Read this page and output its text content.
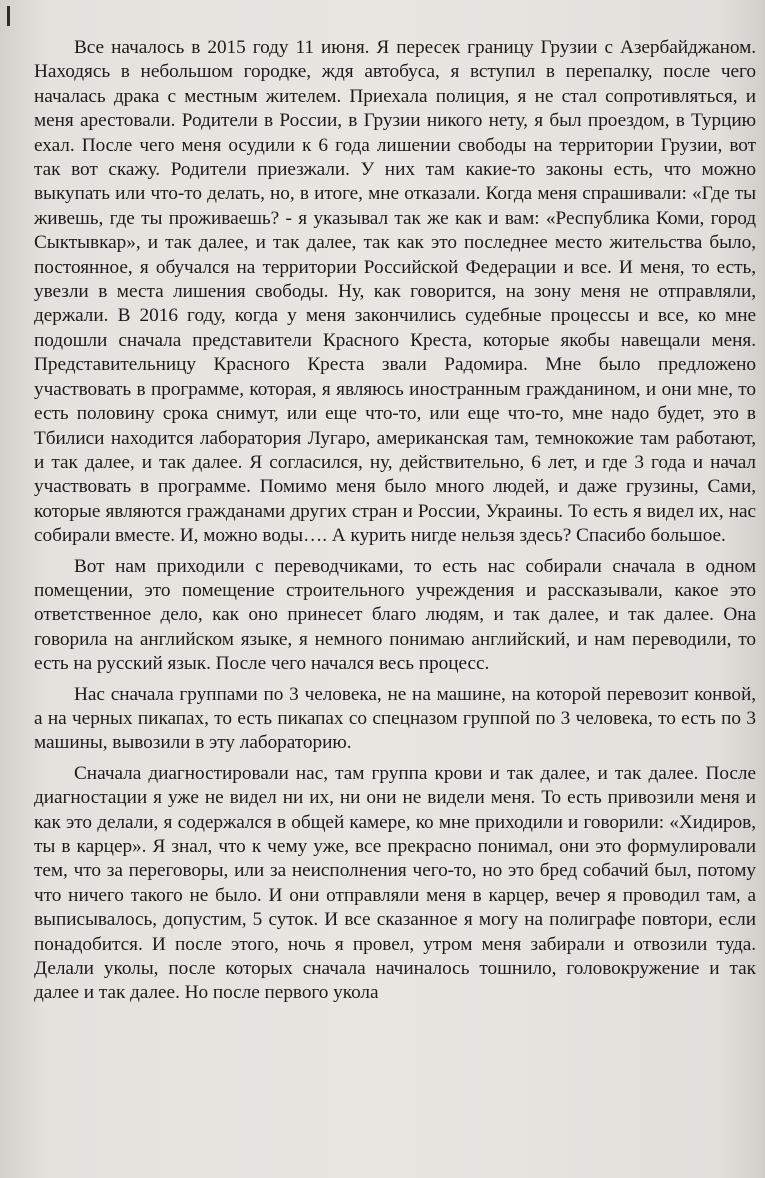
Все началось в 2015 году 11 июня. Я пересек границу Грузии с Азербайджаном. Находясь в небольшом городке, ждя автобуса, я вступил в перепалку, после чего началась драка с местным жителем. Приехала полиция, я не стал сопротивляться, и меня арестовали. Родители в России, в Грузии никого нету, я был проездом, в Турцию ехал. После чего меня осудили к 6 года лишении свободы на территории Грузии, вот так вот скажу. Родители приезжали. У них там какие-то законы есть, что можно выкупать или что-то делать, но, в итоге, мне отказали. Когда меня спрашивали: «Где ты живешь, где ты проживаешь? - я указывал так же как и вам: «Республика Коми, город Сыктывкар», и так далее, и так далее, так как это последнее место жительства было, постоянное, я обучался на территории Российской Федерации и все. И меня, то есть, увезли в места лишения свободы. Ну, как говорится, на зону меня не отправляли, держали. В 2016 году, когда у меня закончились судебные процессы и все, ко мне подошли сначала представители Красного Креста, которые якобы навещали меня. Представительницу Красного Креста звали Радомира. Мне было предложено участвовать в программе, которая, я являюсь иностранным гражданином, и они мне, то есть половину срока снимут, или еще что-то, или еще что-то, мне надо будет, это в Тбилиси находится лаборатория Лугаро, американская там, темнокожие там работают, и так далее, и так далее. Я согласился, ну, действительно, 6 лет, и где 3 года и начал участвовать в программе. Помимо меня было много людей, и даже грузины, Сами, которые являются гражданами других стран и России, Украины. То есть я видел их, нас собирали вместе. И, можно воды…. А курить нигде нельзя здесь? Спасибо большое.

Вот нам приходили с переводчиками, то есть нас собирали сначала в одном помещении, это помещение строительного учреждения и рассказывали, какое это ответственное дело, как оно принесет благо людям, и так далее, и так далее. Она говорила на английском языке, я немного понимаю английский, и нам переводили, то есть на русский язык. После чего начался весь процесс.

Нас сначала группами по 3 человека, не на машине, на которой перевозит конвой, а на черных пикапах, то есть пикапах со спецназом группой по 3 человека, то есть по 3 машины, вывозили в эту лабораторию.

Сначала диагностировали нас, там группа крови и так далее, и так далее. После диагностации я уже не видел ни их, ни они не видели меня. То есть привозили меня и как это делали, я содержался в общей камере, ко мне приходили и говорили: «Хидиров, ты в карцер». Я знал, что к чему уже, все прекрасно понимал, они это формулировали тем, что за переговоры, или за неисполнения чего-то, но это бред собачий был, потому что ничего такого не было. И они отправляли меня в карцер, вечер я проводил там, а выписывалось, допустим, 5 суток. И все сказанное я могу на полиграфе повтори, если понадобится. И после этого, ночь я провел, утром меня забирали и отвозили туда. Делали уколы, после которых сначала начиналось тошнило, головокружение и так далее и так далее. Но после первого укола
